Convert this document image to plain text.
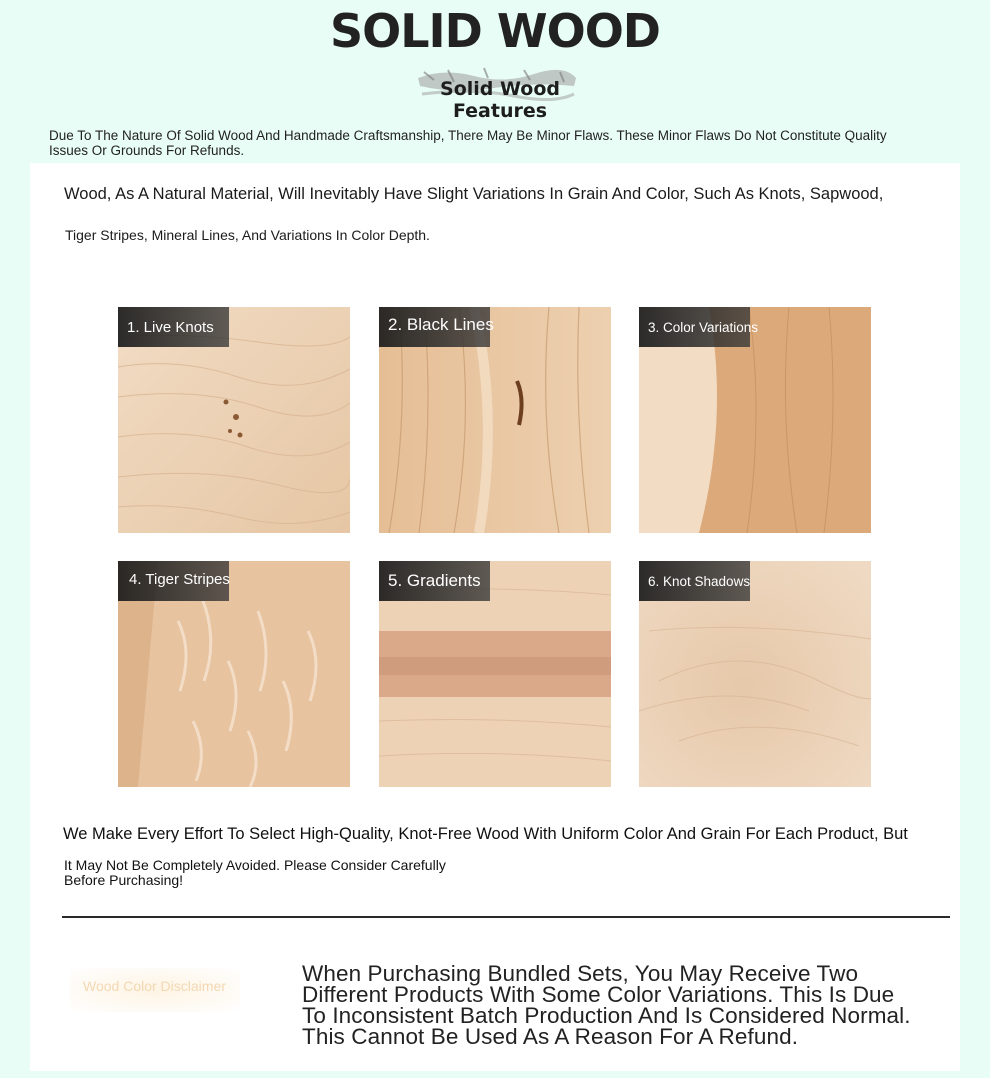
SOLID WOOD
Solid Wood Features
Due To The Nature Of Solid Wood And Handmade Craftsmanship, There May Be Minor Flaws. These Minor Flaws Do Not Constitute Quality Issues Or Grounds For Refunds.
Wood, As A Natural Material, Will Inevitably Have Slight Variations In Grain And Color, Such As Knots, Sapwood,
Tiger Stripes, Mineral Lines, And Variations In Color Depth.
1. Live Knots	2. Black Lines	3. Color Variations
4. Tiger Stripes	5. Gradients	6. Knot Shadows
We Make Every Effort To Select High-Quality, Knot-Free Wood With Uniform Color And Grain For Each Product, But
It May Not Be Completely Avoided. Please Consider Carefully Before Purchasing!
Wood Color Disclaimer	When Purchasing Bundled Sets, You May Receive Two Different Products With Some Color Variations. This Is Due To Inconsistent Batch Production And Is Considered Normal. This Cannot Be Used As A Reason For A Refund.
